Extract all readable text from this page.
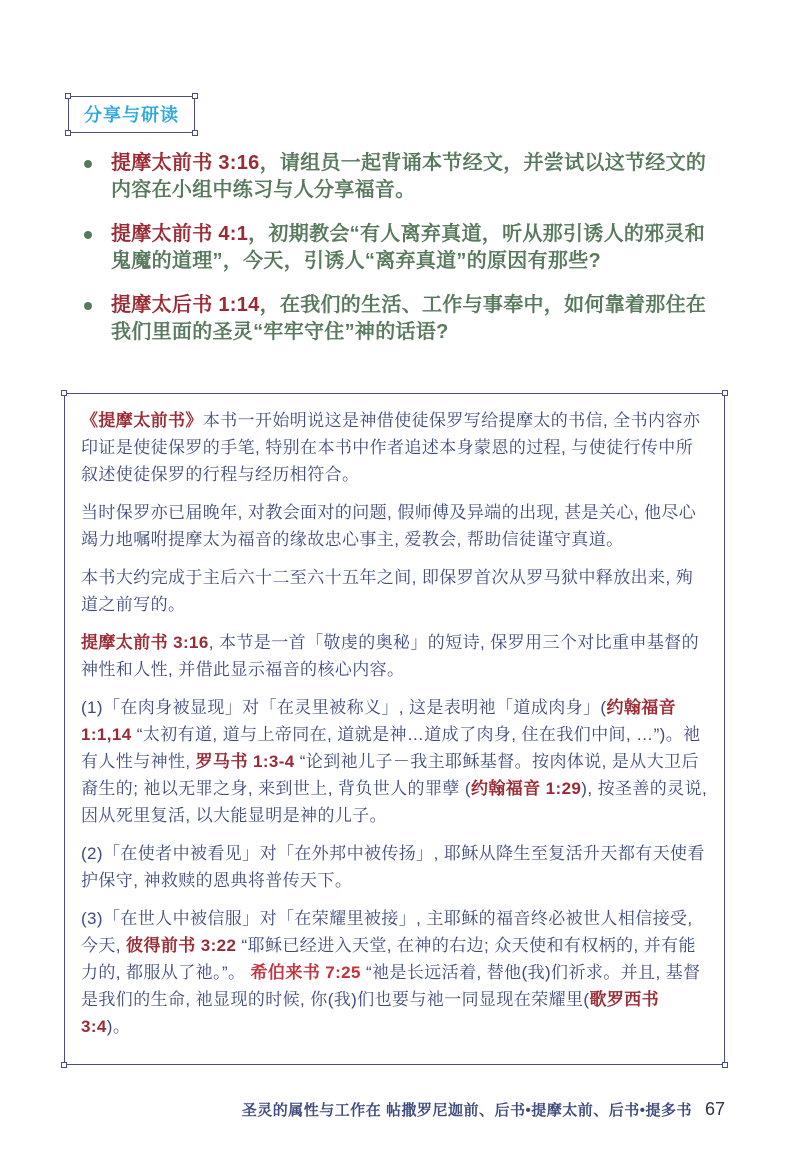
分享与研读
提摩太前书 3:16，请组员一起背诵本节经文，并尝试以这节经文的内容在小组中练习与人分享福音。
提摩太前书 4:1，初期教会“有人离弃真道，听从那引诱人的邪灵和鬼魔的道理”，今天，引诱人“离弃真道”的原因有那些?
提摩太后书 1:14，在我们的生活、工作与事奉中，如何靠着那住在我们里面的圣灵“牢牢守住”神的话语?

《提摩太前书》本书一开始明说这是神借使徒保罗写给提摩太的书信, 全书内容亦印证是使徒保罗的手笔, 特别在本书中作者追述本身蒙恩的过程, 与使徒行传中所叙述使徒保罗的行程与经历相符合。

当时保罗亦已届晚年, 对教会面对的问题, 假师傅及异端的出现, 甚是关心, 他尽心竭力地嘱咐提摩太为福音的缘故忠心事主, 爱教会, 帮助信徒谨守真道。

本书大约完成于主后六十二至六十五年之间, 即保罗首次从罗马狱中释放出来, 殉道之前写的。

提摩太前书 3:16, 本节是一首「敬虔的奥秘」的短诗, 保罗用三个对比重申基督的神性和人性, 并借此显示福音的核心内容。

(1)「在肉身被显现」对「在灵里被称义」, 这是表明祂「道成肉身」(约翰福音 1:1,14 “太初有道, 道与上帝同在, 道就是神…道成了肉身, 住在我们中间, …”)。祂有人性与神性, 罗马书 1:3-4 “论到祂儿子－我主耶稣基督。按肉体说, 是从大卫后裔生的; 祂以无罪之身, 来到世上, 背负世人的罪孽 (约翰福音 1:29), 按圣善的灵说, 因从死里复活, 以大能显明是神的儿子。

(2)「在使者中被看见」对「在外邦中被传扬」, 耶稣从降生至复活升天都有天使看护保守, 神救赎的恩典将普传天下。

(3)「在世人中被信服」对「在荣耀里被接」, 主耶稣的福音终必被世人相信接受, 今天, 彼得前书 3:22 “耶稣已经进入天堂, 在神的右边; 众天使和有权柄的, 并有能力的, 都服从了祂。”。 希伯来书 7:25 “祂是长远活着, 替他(我)们祈求。并且, 基督是我们的生命, 祂显现的时候, 你(我)们也要与祂一同显现在荣耀里(歌罗西书 3:4)。

圣灵的属性与工作在 帖撒罗尼迦前、后书•提摩太前、后书•提多书 67
